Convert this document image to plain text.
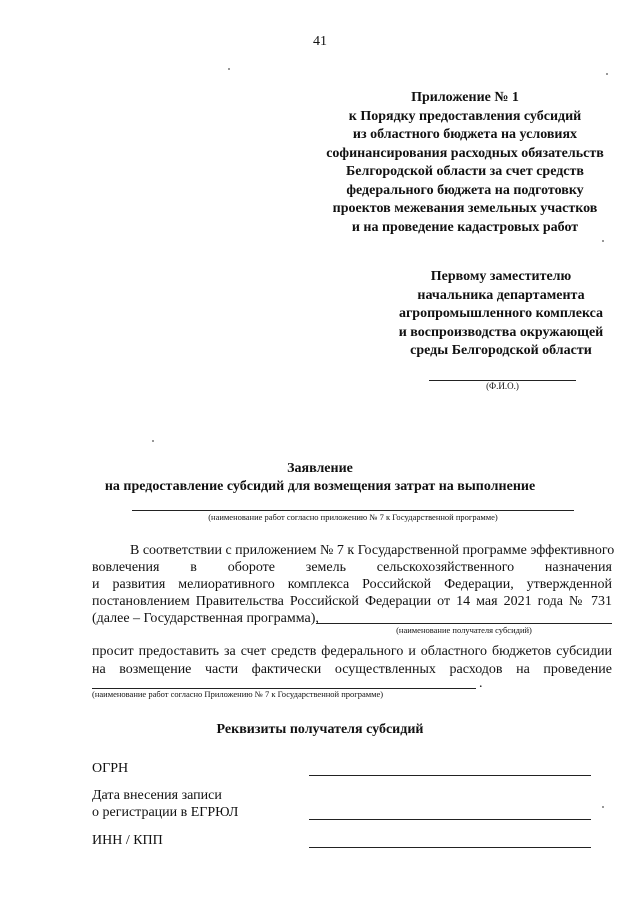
41
Приложение № 1
к Порядку предоставления субсидий
из областного бюджета на условиях
софинансирования расходных обязательств
Белгородской области за счет средств
федерального бюджета на подготовку
проектов межевания земельных участков
и на проведение кадастровых работ
Первому заместителю
начальника департамента
агропромышленного комплекса
и воспроизводства окружающей
среды Белгородской области
(Ф.И.О.)
Заявление
на предоставление субсидий для возмещения затрат на выполнение
(наименование работ согласно приложению № 7 к Государственной программе)
В соответствии с приложением № 7 к Государственной программе эффективного
вовлечения в обороте земель сельскохозяйственного назначения
и развития мелиоративного комплекса Российской Федерации, утвержденной
постановлением Правительства Российской Федерации от 14 мая 2021 года № 731
(далее – Государственная программа),
(наименование получателя субсидий)
просит предоставить за счет средств федерального и областного бюджетов субсидии
на возмещение части фактически осуществленных расходов на проведение
.
(наименование работ согласно Приложению № 7 к Государственной программе)
Реквизиты получателя субсидий
ОГРН
Дата внесения записи
о регистрации в ЕГРЮЛ
ИНН / КПП
